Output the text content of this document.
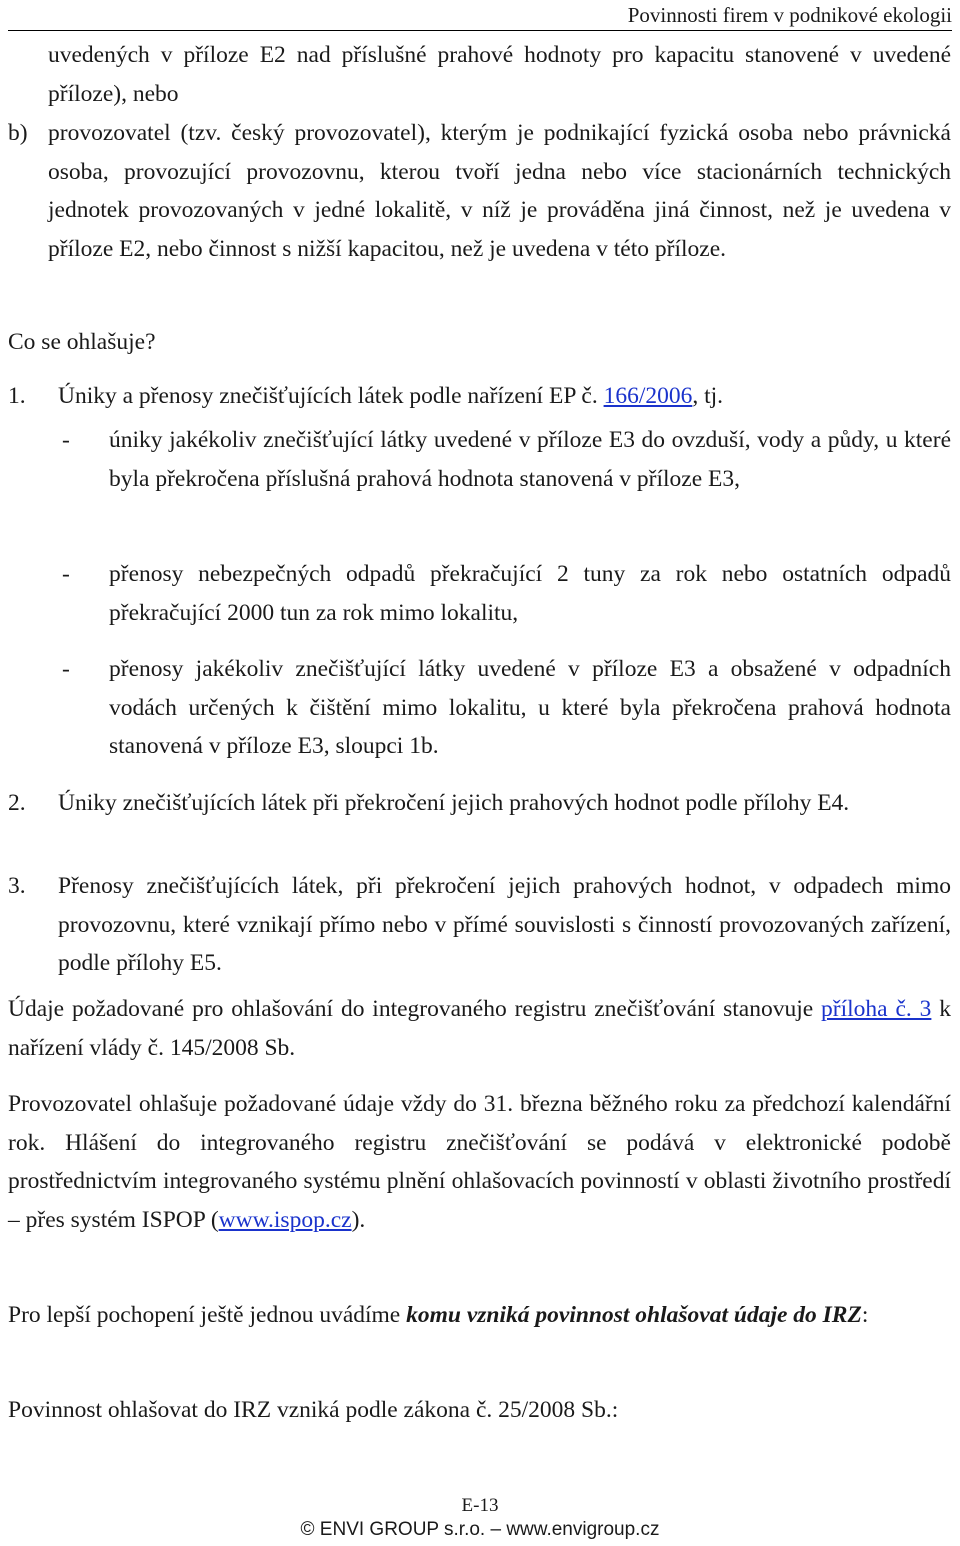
Povinnosti firem v podnikové ekologii

uvedených v příloze E2 nad příslušné prahové hodnoty pro kapacitu stanovené v uvedené příloze), nebo

b) provozovatel (tzv. český provozovatel), kterým je podnikající fyzická osoba nebo právnická osoba, provozující provozovnu, kterou tvoří jedna nebo více stacionárních technických jednotek provozovaných v jedné lokalitě, v níž je prováděna jiná činnost, než je uvedena v příloze E2, nebo činnost s nižší kapacitou, než je uvedena v této příloze.

Co se ohlašuje?

1. Úniky a přenosy znečišťujících látek podle nařízení EP č. 166/2006, tj.

- úniky jakékoliv znečišťující látky uvedené v příloze E3 do ovzduší, vody a půdy, u které byla překročena příslušná prahová hodnota stanovená v příloze E3,

- přenosy nebezpečných odpadů překračující 2 tuny za rok nebo ostatních odpadů překračující 2000 tun za rok mimo lokalitu,

- přenosy jakékoliv znečišťující látky uvedené v příloze E3 a obsažené v odpadních vodách určených k čištění mimo lokalitu, u které byla překročena prahová hodnota stanovená v příloze E3, sloupci 1b.

2. Úniky znečišťujících látek při překročení jejich prahových hodnot podle přílohy E4.

3. Přenosy znečišťujících látek, při překročení jejich prahových hodnot, v odpadech mimo provozovnu, které vznikají přímo nebo v přímé souvislosti s činností provozovaných zařízení, podle přílohy E5.

Údaje požadované pro ohlašování do integrovaného registru znečišťování stanovuje příloha č. 3 k nařízení vlády č. 145/2008 Sb.

Provozovatel ohlašuje požadované údaje vždy do 31. března běžného roku za předchozí kalendářní rok. Hlášení do integrovaného registru znečišťování se podává v elektronické podobě prostřednictvím integrovaného systému plnění ohlašovacích povinností v oblasti životního prostředí – přes systém ISPOP (www.ispop.cz).

Pro lepší pochopení ještě jednou uvádíme komu vzniká povinnost ohlašovat údaje do IRZ:

Povinnost ohlašovat do IRZ vzniká podle zákona č. 25/2008 Sb.:

E-13
© ENVI GROUP s.r.o. – www.envigroup.cz
